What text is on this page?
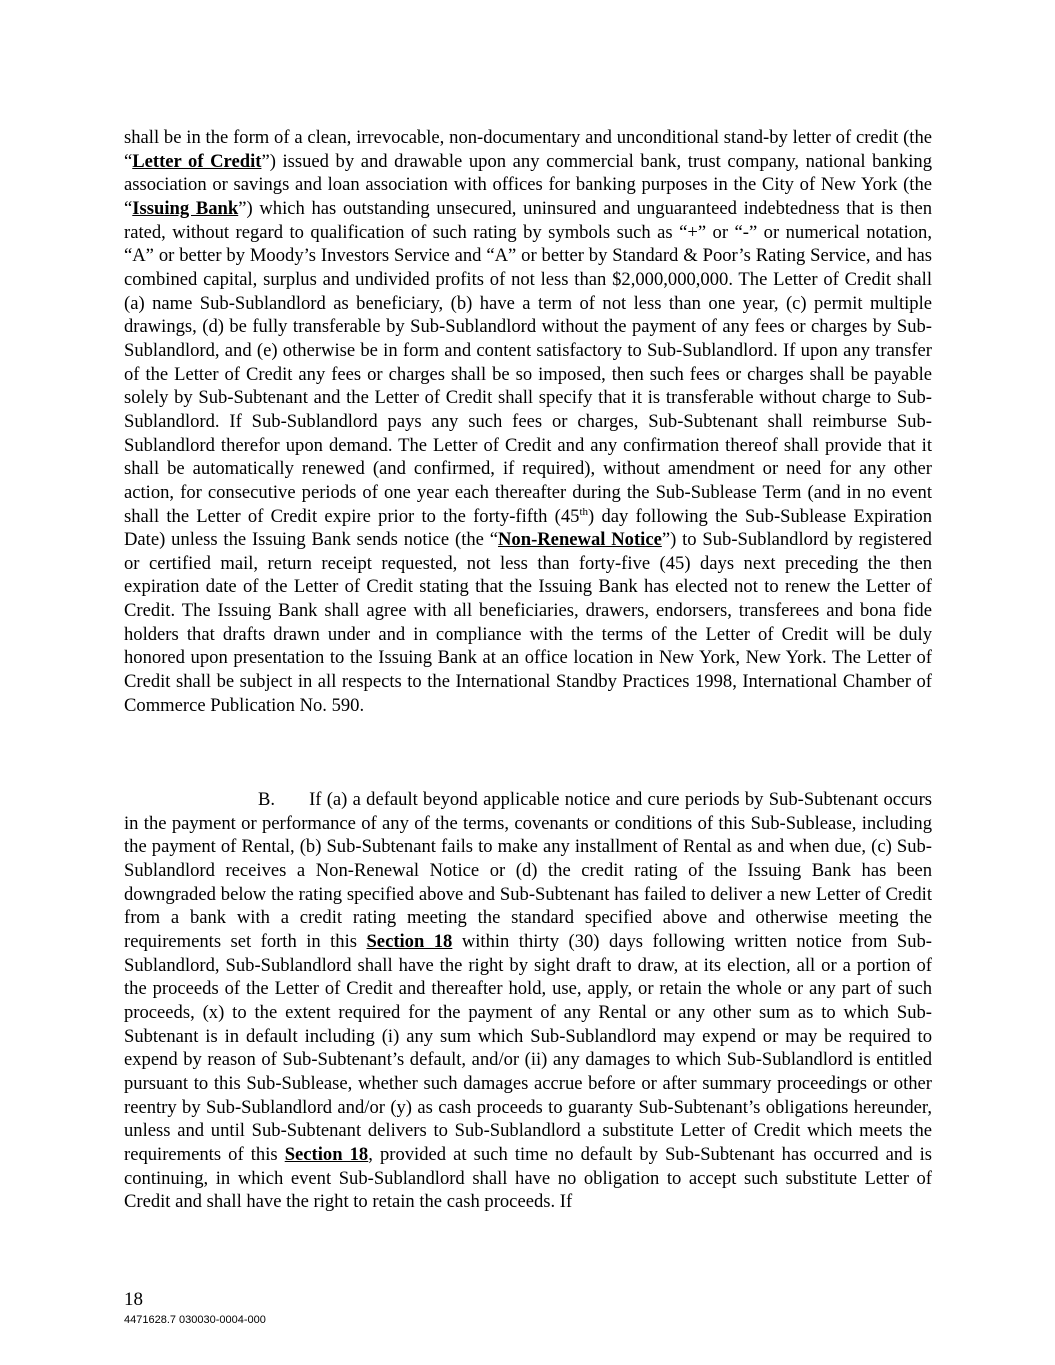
shall be in the form of a clean, irrevocable, non-documentary and unconditional stand-by letter of credit (the “Letter of Credit”) issued by and drawable upon any commercial bank, trust company, national banking association or savings and loan association with offices for banking purposes in the City of New York (the “Issuing Bank”) which has outstanding unsecured, uninsured and unguaranteed indebtedness that is then rated, without regard to qualification of such rating by symbols such as “+” or “-” or numerical notation, “A” or better by Moody’s Investors Service and “A” or better by Standard & Poor’s Rating Service, and has combined capital, surplus and undivided profits of not less than $2,000,000,000. The Letter of Credit shall (a) name Sub-Sublandlord as beneficiary, (b) have a term of not less than one year, (c) permit multiple drawings, (d) be fully transferable by Sub-Sublandlord without the payment of any fees or charges by Sub-Sublandlord, and (e) otherwise be in form and content satisfactory to Sub-Sublandlord. If upon any transfer of the Letter of Credit any fees or charges shall be so imposed, then such fees or charges shall be payable solely by Sub-Subtenant and the Letter of Credit shall specify that it is transferable without charge to Sub-Sublandlord. If Sub-Sublandlord pays any such fees or charges, Sub-Subtenant shall reimburse Sub-Sublandlord therefor upon demand. The Letter of Credit and any confirmation thereof shall provide that it shall be automatically renewed (and confirmed, if required), without amendment or need for any other action, for consecutive periods of one year each thereafter during the Sub-Sublease Term (and in no event shall the Letter of Credit expire prior to the forty-fifth (45th) day following the Sub-Sublease Expiration Date) unless the Issuing Bank sends notice (the “Non-Renewal Notice”) to Sub-Sublandlord by registered or certified mail, return receipt requested, not less than forty-five (45) days next preceding the then expiration date of the Letter of Credit stating that the Issuing Bank has elected not to renew the Letter of Credit. The Issuing Bank shall agree with all beneficiaries, drawers, endorsers, transferees and bona fide holders that drafts drawn under and in compliance with the terms of the Letter of Credit will be duly honored upon presentation to the Issuing Bank at an office location in New York, New York. The Letter of Credit shall be subject in all respects to the International Standby Practices 1998, International Chamber of Commerce Publication No. 590.

B. If (a) a default beyond applicable notice and cure periods by Sub-Subtenant occurs in the payment or performance of any of the terms, covenants or conditions of this Sub-Sublease, including the payment of Rental, (b) Sub-Subtenant fails to make any installment of Rental as and when due, (c) Sub-Sublandlord receives a Non-Renewal Notice or (d) the credit rating of the Issuing Bank has been downgraded below the rating specified above and Sub-Subtenant has failed to deliver a new Letter of Credit from a bank with a credit rating meeting the standard specified above and otherwise meeting the requirements set forth in this Section 18 within thirty (30) days following written notice from Sub-Sublandlord, Sub-Sublandlord shall have the right by sight draft to draw, at its election, all or a portion of the proceeds of the Letter of Credit and thereafter hold, use, apply, or retain the whole or any part of such proceeds, (x) to the extent required for the payment of any Rental or any other sum as to which Sub-Subtenant is in default including (i) any sum which Sub-Sublandlord may expend or may be required to expend by reason of Sub-Subtenant’s default, and/or (ii) any damages to which Sub-Sublandlord is entitled pursuant to this Sub-Sublease, whether such damages accrue before or after summary proceedings or other reentry by Sub-Sublandlord and/or (y) as cash proceeds to guaranty Sub-Subtenant’s obligations hereunder, unless and until Sub-Subtenant delivers to Sub-Sublandlord a substitute Letter of Credit which meets the requirements of this Section 18, provided at such time no default by Sub-Subtenant has occurred and is continuing, in which event Sub-Sublandlord shall have no obligation to accept such substitute Letter of Credit and shall have the right to retain the cash proceeds. If

18
4471628.7 030030-0004-000
